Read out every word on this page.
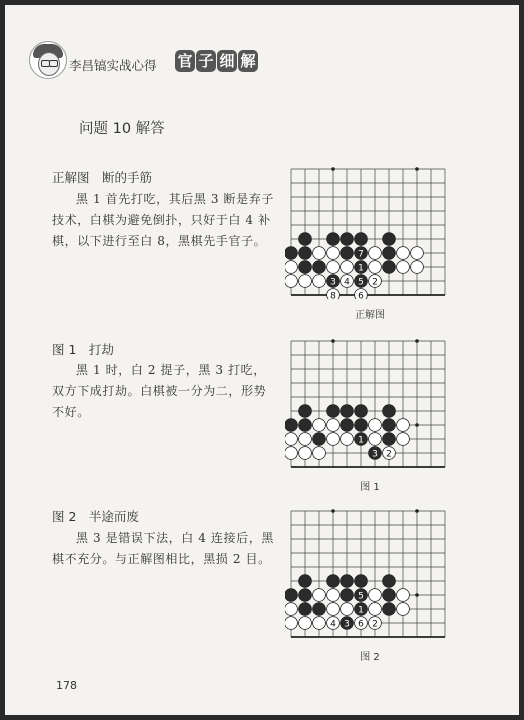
李昌镐实战心得 官 子 细 解
问题 10 解答
正解图　断的手筋
黑 1 首先打吃，其后黑 3 断是弃子技术，白棋为避免倒扑，只好于白 4 补棋，以下进行至白 8，黑棋先手官子。
7
1
3 4 5 2
8 6
正解图
图 1　打劫
黑 1 时，白 2 提子，黑 3 打吃，双方下成打劫。白棋被一分为二，形势不好。
1
3 2
图 1
图 2　半途而废
黑 3 是错误下法，白 4 连接后，黑棋不充分。与正解图相比，黑损 2 目。
5
1
4 3 6 2
图 2
178
